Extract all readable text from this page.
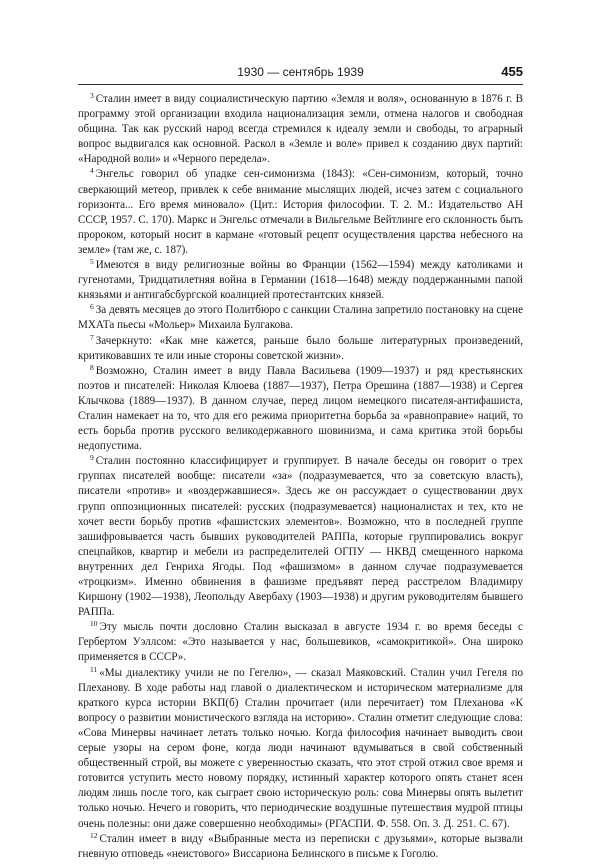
1930 — сентябрь 1939	455

$^3$ Сталин имеет в виду социалистическую партию «Земля и воля», основанную в 1876 г. В программу этой организации входила национализация земли, отмена налогов и свободная община. Так как русский народ всегда стремился к идеалу земли и свободы, то аграрный вопрос выдвигался как основной. Раскол в «Земле и воле» привел к созданию двух партий: «Народной воли» и «Черного передела».

$^4$ Энгельс говорил об упадке сен-симонизма (1843): «Сен-симонизм, который, точно сверкающий метеор, привлек к себе внимание мыслящих людей, исчез затем с социального горизонта... Его время миновало» (Цит.: История философии. Т. 2. М.: Издательство АН СССР, 1957. С. 170). Маркс и Энгельс отмечали в Вильгельме Вейтлинге его склонность быть пророком, который носит в кармане «готовый рецепт осуществления царства небесного на земле» (там же, с. 187).

$^5$ Имеются в виду религиозные войны во Франции (1562—1594) между католиками и гугенотами, Тридцатилетняя война в Германии (1618—1648) между поддержанными папой князьями и антигабсбургской коалицией протестантских князей.

$^6$ За девять месяцев до этого Политбюро с санкции Сталина запретило постановку на сцене МХАТа пьесы «Мольер» Михаила Булгакова.

$^7$ Зачеркнуто: «Как мне кажется, раньше было больше литературных произведений, критиковавших те или иные стороны советской жизни».

$^8$ Возможно, Сталин имеет в виду Павла Васильева (1909—1937) и ряд крестьянских поэтов и писателей: Николая Клюева (1887—1937), Петра Орешина (1887—1938) и Сергея Клычкова (1889—1937). В данном случае, перед лицом немецкого писателя-антифашиста, Сталин намекает на то, что для его режима приоритетна борьба за «равноправие» наций, то есть борьба против русского великодержавного шовинизма, и сама критика этой борьбы недопустима.

$^9$ Сталин постоянно классифицирует и группирует. В начале беседы он говорит о трех группах писателей вообще: писатели «за» (подразумевается, что за советскую власть), писатели «против» и «воздержавшиеся». Здесь же он рассуждает о существовании двух групп оппозиционных писателей: русских (подразумевается) националистах и тех, кто не хочет вести борьбу против «фашистских элементов». Возможно, что в последней группе зашифровывается часть бывших руководителей РАППа, которые группировались вокруг спецпайков, квартир и мебели из распределителей ОГПУ — НКВД смещенного наркома внутренних дел Генриха Ягоды. Под «фашизмом» в данном случае подразумевается «троцкизм». Именно обвинения в фашизме предъявят перед расстрелом Владимиру Киршону (1902—1938), Леопольду Авербаху (1903—1938) и другим руководителям бывшего РАППа.

$^{10}$ Эту мысль почти дословно Сталин высказал в августе 1934 г. во время беседы с Гербертом Уэллсом: «Это называется у нас, большевиков, «самокритикой». Она широко применяется в СССР».

$^{11}$ «Мы диалектику учили не по Гегелю», — сказал Маяковский. Сталин учил Гегеля по Плеханову. В ходе работы над главой о диалектическом и историческом материализме для краткого курса истории ВКП(б) Сталин прочитает (или перечитает) том Плеханова «К вопросу о развитии монистического взгляда на историю». Сталин отметит следующие слова: «Сова Минервы начинает летать только ночью. Когда философия начинает выводить свои серые узоры на сером фоне, когда люди начинают вдумываться в свой собственный общественный строй, вы можете с уверенностью сказать, что этот строй отжил свое время и готовится уступить место новому порядку, истинный характер которого опять станет ясен людям лишь после того, как сыграет свою историческую роль: сова Минервы опять вылетит только ночью. Нечего и говорить, что периодические воздушные путешествия мудрой птицы очень полезны: они даже совершенно необходимы» (РГАСПИ. Ф. 558. Оп. 3. Д. 251. С. 67).

$^{12}$ Сталин имеет в виду «Выбранные места из переписки с друзьями», которые вызвали гневную отповедь «неистового» Виссариона Белинского в письме к Гоголю.
